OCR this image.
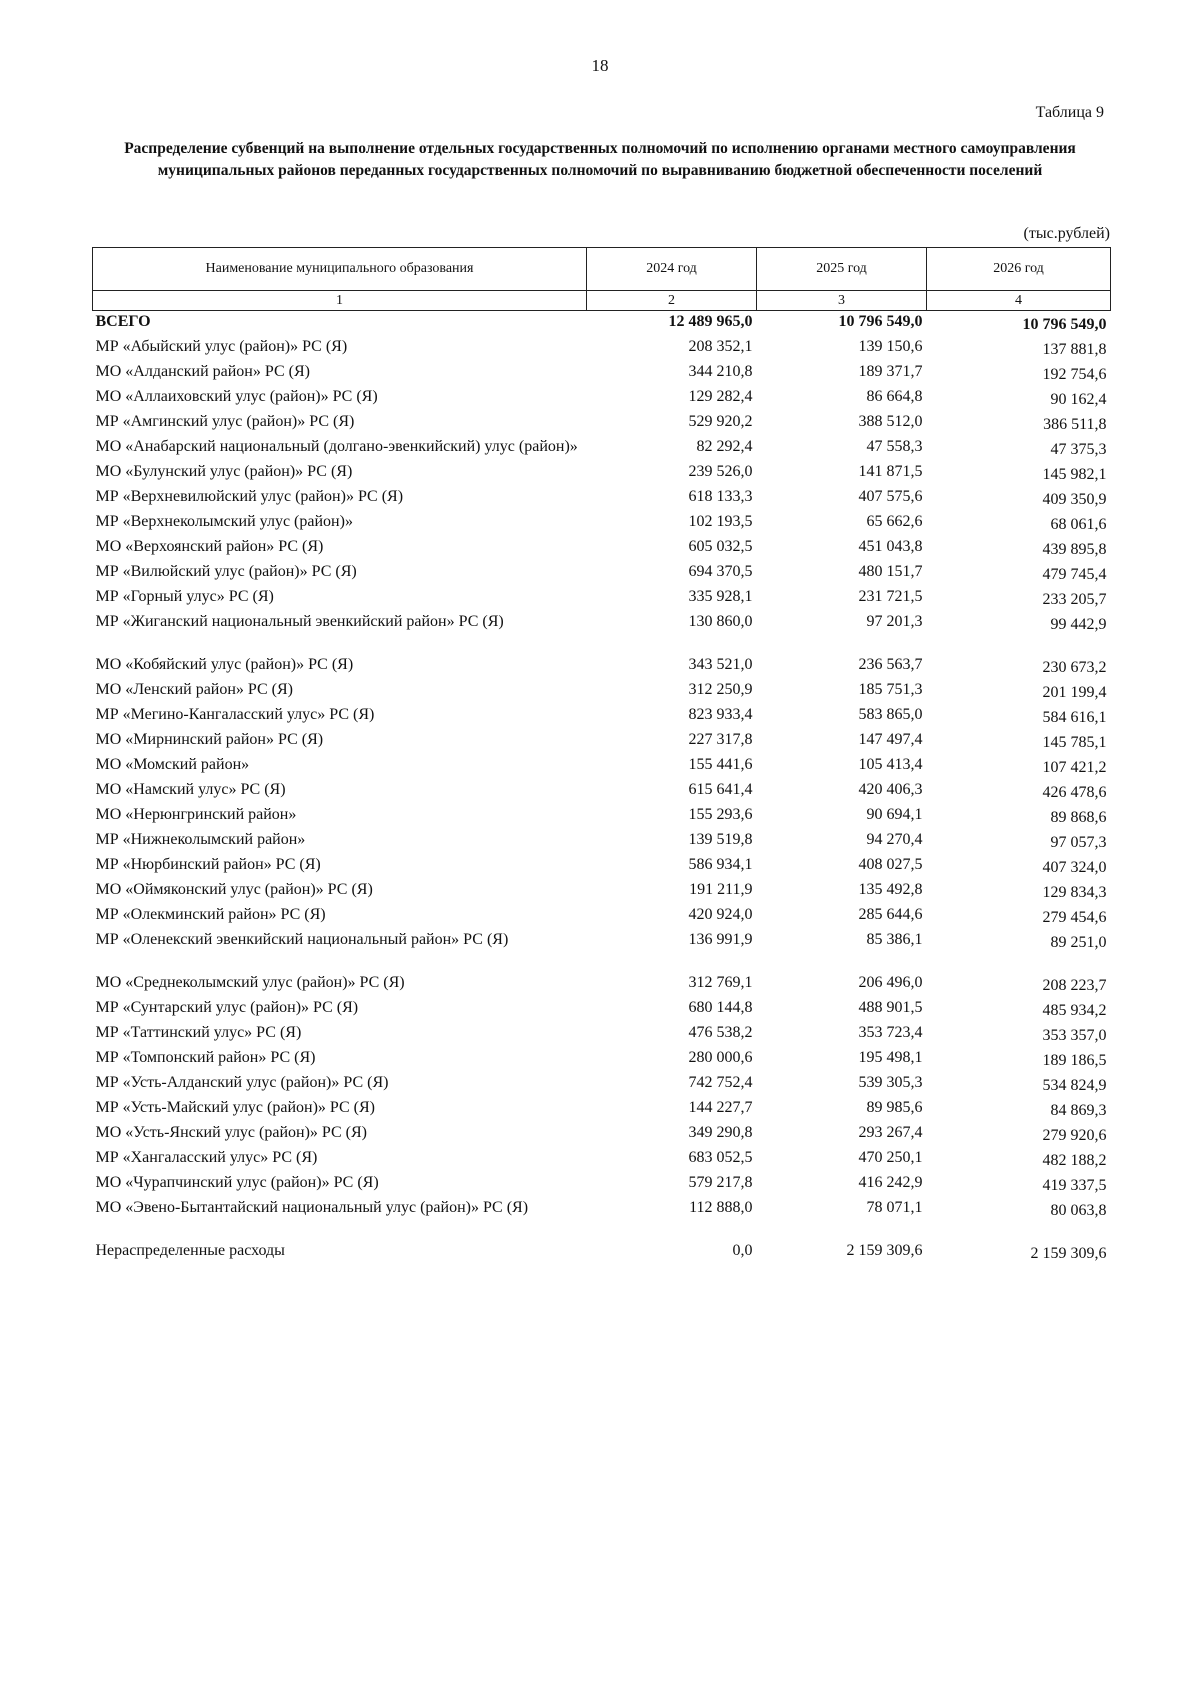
18
Таблица 9
Распределение субвенций на выполнение отдельных государственных полномочий по исполнению органами местного самоуправления муниципальных районов переданных государственных полномочий по выравниванию бюджетной обеспеченности поселений
(тыс.рублей)
Наименование муниципального образования	2024 год	2025 год	2026 год
1	2	3	4
ВСЕГО	12 489 965,0	10 796 549,0	10 796 549,0
МР «Абыйский улус (район)» РС (Я)	208 352,1	139 150,6	137 881,8
МО «Алданский район» РС (Я)	344 210,8	189 371,7	192 754,6
МО «Аллаиховский улус (район)» РС (Я)	129 282,4	86 664,8	90 162,4
МР «Амгинский улус (район)» РС (Я)	529 920,2	388 512,0	386 511,8
МО «Анабарский национальный (долгано-эвенкийский) улус (район)»	82 292,4	47 558,3	47 375,3
МО «Булунский улус (район)» РС (Я)	239 526,0	141 871,5	145 982,1
МР «Верхневилюйский улус (район)» РС (Я)	618 133,3	407 575,6	409 350,9
МР «Верхнеколымский улус (район)»	102 193,5	65 662,6	68 061,6
МО «Верхоянский район» РС (Я)	605 032,5	451 043,8	439 895,8
МР «Вилюйский улус (район)» РС (Я)	694 370,5	480 151,7	479 745,4
МР «Горный улус» РС (Я)	335 928,1	231 721,5	233 205,7
МР «Жиганский национальный эвенкийский район» РС (Я)	130 860,0	97 201,3	99 442,9

МО «Кобяйский улус (район)» РС (Я)	343 521,0	236 563,7	230 673,2
МО «Ленский район» РС (Я)	312 250,9	185 751,3	201 199,4
МР «Мегино-Кангаласский улус» РС (Я)	823 933,4	583 865,0	584 616,1
МО «Мирнинский район» РС (Я)	227 317,8	147 497,4	145 785,1
МО «Момский район»	155 441,6	105 413,4	107 421,2
МО «Намский улус» РС (Я)	615 641,4	420 406,3	426 478,6
МО «Нерюнгринский район»	155 293,6	90 694,1	89 868,6
МР «Нижнеколымский район»	139 519,8	94 270,4	97 057,3
МР «Нюрбинский район» РС (Я)	586 934,1	408 027,5	407 324,0
МО «Оймяконский улус (район)» РС (Я)	191 211,9	135 492,8	129 834,3
МР «Олекминский район» РС (Я)	420 924,0	285 644,6	279 454,6
МР «Оленекский эвенкийский национальный район» РС (Я)	136 991,9	85 386,1	89 251,0

МО «Среднеколымский улус (район)» РС (Я)	312 769,1	206 496,0	208 223,7
МР «Сунтарский улус (район)» РС (Я)	680 144,8	488 901,5	485 934,2
МР «Таттинский улус» РС (Я)	476 538,2	353 723,4	353 357,0
МР «Томпонский район» РС (Я)	280 000,6	195 498,1	189 186,5
МР «Усть-Алданский улус (район)» РС (Я)	742 752,4	539 305,3	534 824,9
МР «Усть-Майский улус (район)» РС (Я)	144 227,7	89 985,6	84 869,3
МО «Усть-Янский улус (район)» РС (Я)	349 290,8	293 267,4	279 920,6
МР «Хангаласский улус» РС (Я)	683 052,5	470 250,1	482 188,2
МО «Чурапчинский улус (район)» РС (Я)	579 217,8	416 242,9	419 337,5
МО «Эвено-Бытантайский национальный улус (район)» РС (Я)	112 888,0	78 071,1	80 063,8

Нераспределенные расходы	0,0	2 159 309,6	2 159 309,6
